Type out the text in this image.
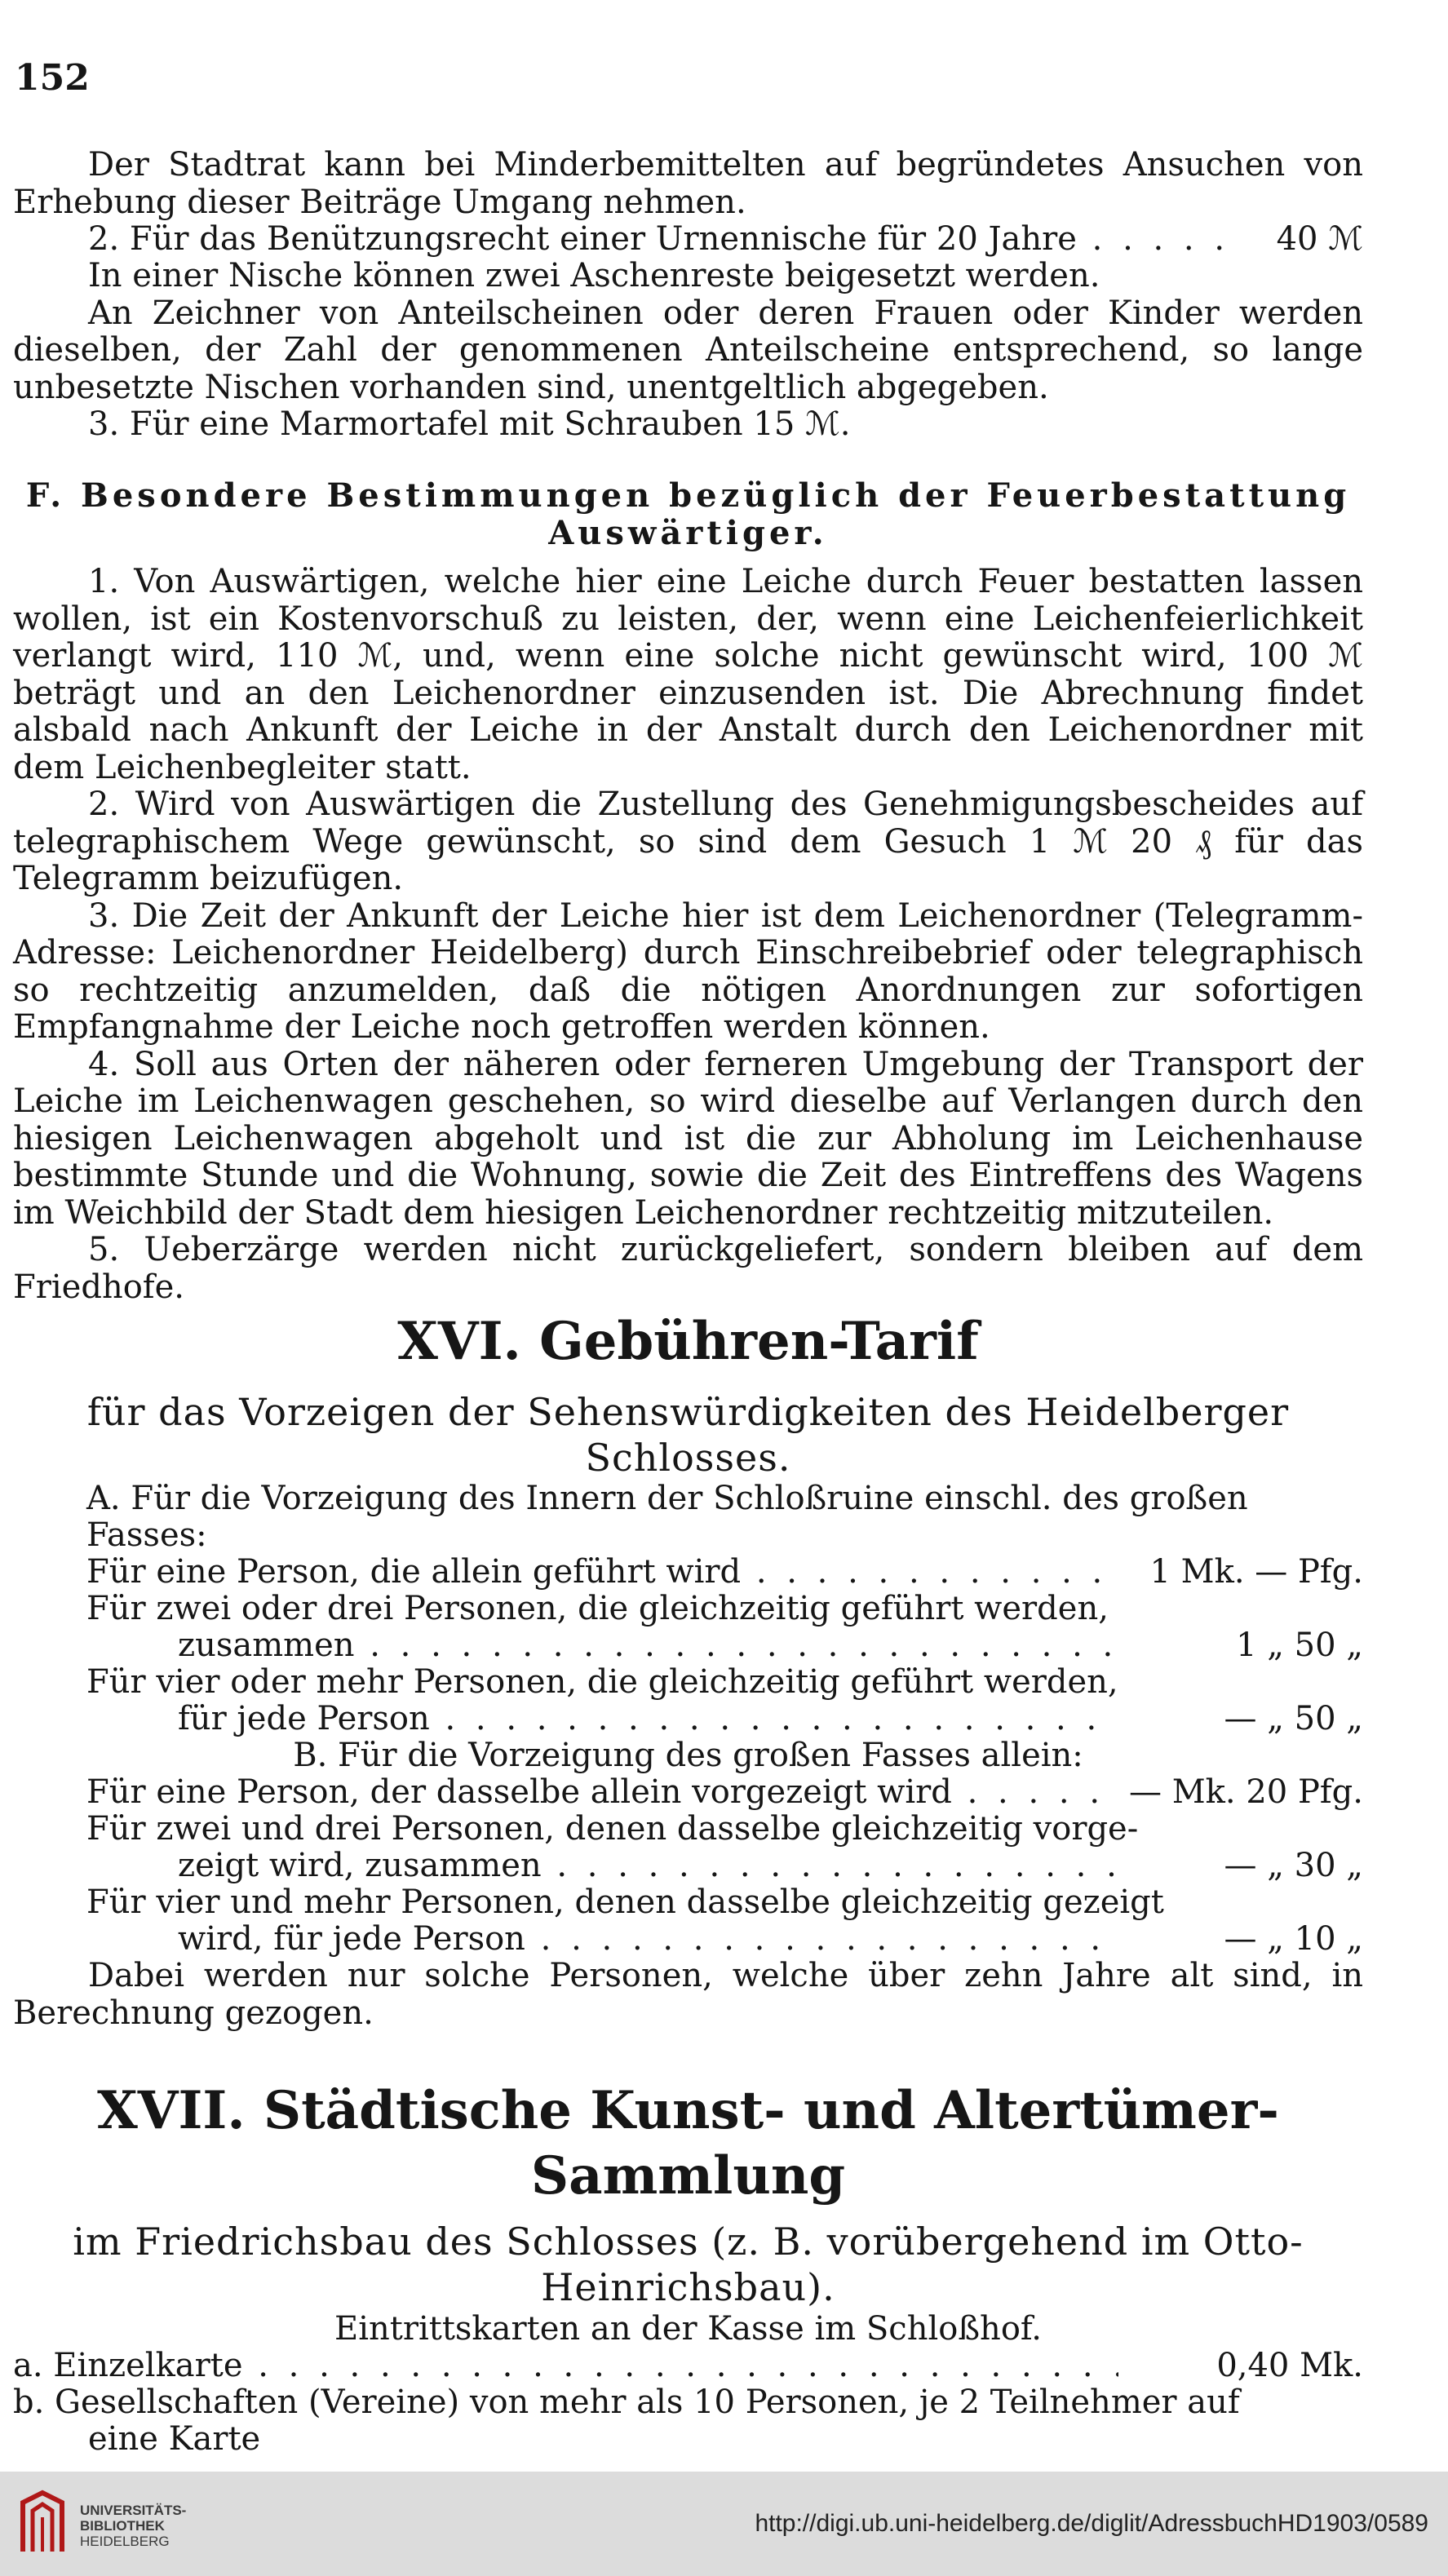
152

Der Stadtrat kann bei Minderbemittelten auf begründetes Ansuchen von Erhebung dieser Beiträge Umgang nehmen.

2. Für das Benützungsrecht einer Urnennische für 20 Jahre . . .	40 ℳ

In einer Nische können zwei Aschenreste beigesetzt werden.

An Zeichner von Anteilscheinen oder deren Frauen oder Kinder werden dieselben, der Zahl der genommenen Anteilscheine entsprechend, so lange unbesetzte Nischen vorhanden sind, unentgeltlich abgegeben.

3. Für eine Marmortafel mit Schrauben 15 ℳ.

F. Besondere Bestimmungen bezüglich der Feuerbestattung
Auswärtiger.

1. Von Auswärtigen, welche hier eine Leiche durch Feuer bestatten lassen wollen, ist ein Kostenvorschuß zu leisten, der, wenn eine Leichenfeierlichkeit verlangt wird, 110 ℳ, und, wenn eine solche nicht gewünscht wird, 100 ℳ beträgt und an den Leichenordner einzusenden ist. Die Abrechnung findet alsbald nach Ankunft der Leiche in der Anstalt durch den Leichenordner mit dem Leichenbegleiter statt.

2. Wird von Auswärtigen die Zustellung des Genehmigungsbescheides auf telegraphischem Wege gewünscht, so sind dem Gesuch 1 ℳ 20 ₰ für das Telegramm beizufügen.

3. Die Zeit der Ankunft der Leiche hier ist dem Leichenordner (Telegramm-Adresse: Leichenordner Heidelberg) durch Einschreibebrief oder telegraphisch so rechtzeitig anzumelden, daß die nötigen Anordnungen zur sofortigen Empfangnahme der Leiche noch getroffen werden können.

4. Soll aus Orten der näheren oder ferneren Umgebung der Transport der Leiche im Leichenwagen geschehen, so wird dieselbe auf Verlangen durch den hiesigen Leichenwagen abgeholt und ist die zur Abholung im Leichenhause bestimmte Stunde und die Wohnung, sowie die Zeit des Eintreffens des Wagens im Weichbild der Stadt dem hiesigen Leichenordner rechtzeitig mitzuteilen.

5. Ueberzärge werden nicht zurückgeliefert, sondern bleiben auf dem Friedhofe.

XVI. Gebühren-Tarif
für das Vorzeigen der Sehenswürdigkeiten des Heidelberger Schlosses.
A. Für die Vorzeigung des Innern der Schloßruine einschl. des großen Fasses:
Für eine Person, die allein geführt wird . . .	1 Mk. — Pfg.
Für zwei oder drei Personen, die gleichzeitig geführt werden,
zusammen . . .	1 „ 50 „
Für vier oder mehr Personen, die gleichzeitig geführt werden,
für jede Person . . .	— „ 50 „
B. Für die Vorzeigung des großen Fasses allein:
Für eine Person, der dasselbe allein vorgezeigt wird . . .	— Mk. 20 Pfg.
Für zwei und drei Personen, denen dasselbe gleichzeitig vorge-
zeigt wird, zusammen . . .	— „ 30 „
Für vier und mehr Personen, denen dasselbe gleichzeitig gezeigt
wird, für jede Person . . .	— „ 10 „

Dabei werden nur solche Personen, welche über zehn Jahre alt sind, in Berechnung gezogen.

XVII. Städtische Kunst- und Altertümer-Sammlung
im Friedrichsbau des Schlosses (z. B. vorübergehend im Otto-Heinrichsbau).
Eintrittskarten an der Kasse im Schloßhof.
a. Einzelkarte . . .	0,40 Mk.
b. Gesellschaften (Vereine) von mehr als 10 Personen, je 2 Teilnehmer auf
eine Karte
UNIVERSITÄTS-
BIBLIOTHEK
HEIDELBERG
http://digi.ub.uni-heidelberg.de/diglit/AdressbuchHD1903/0589
